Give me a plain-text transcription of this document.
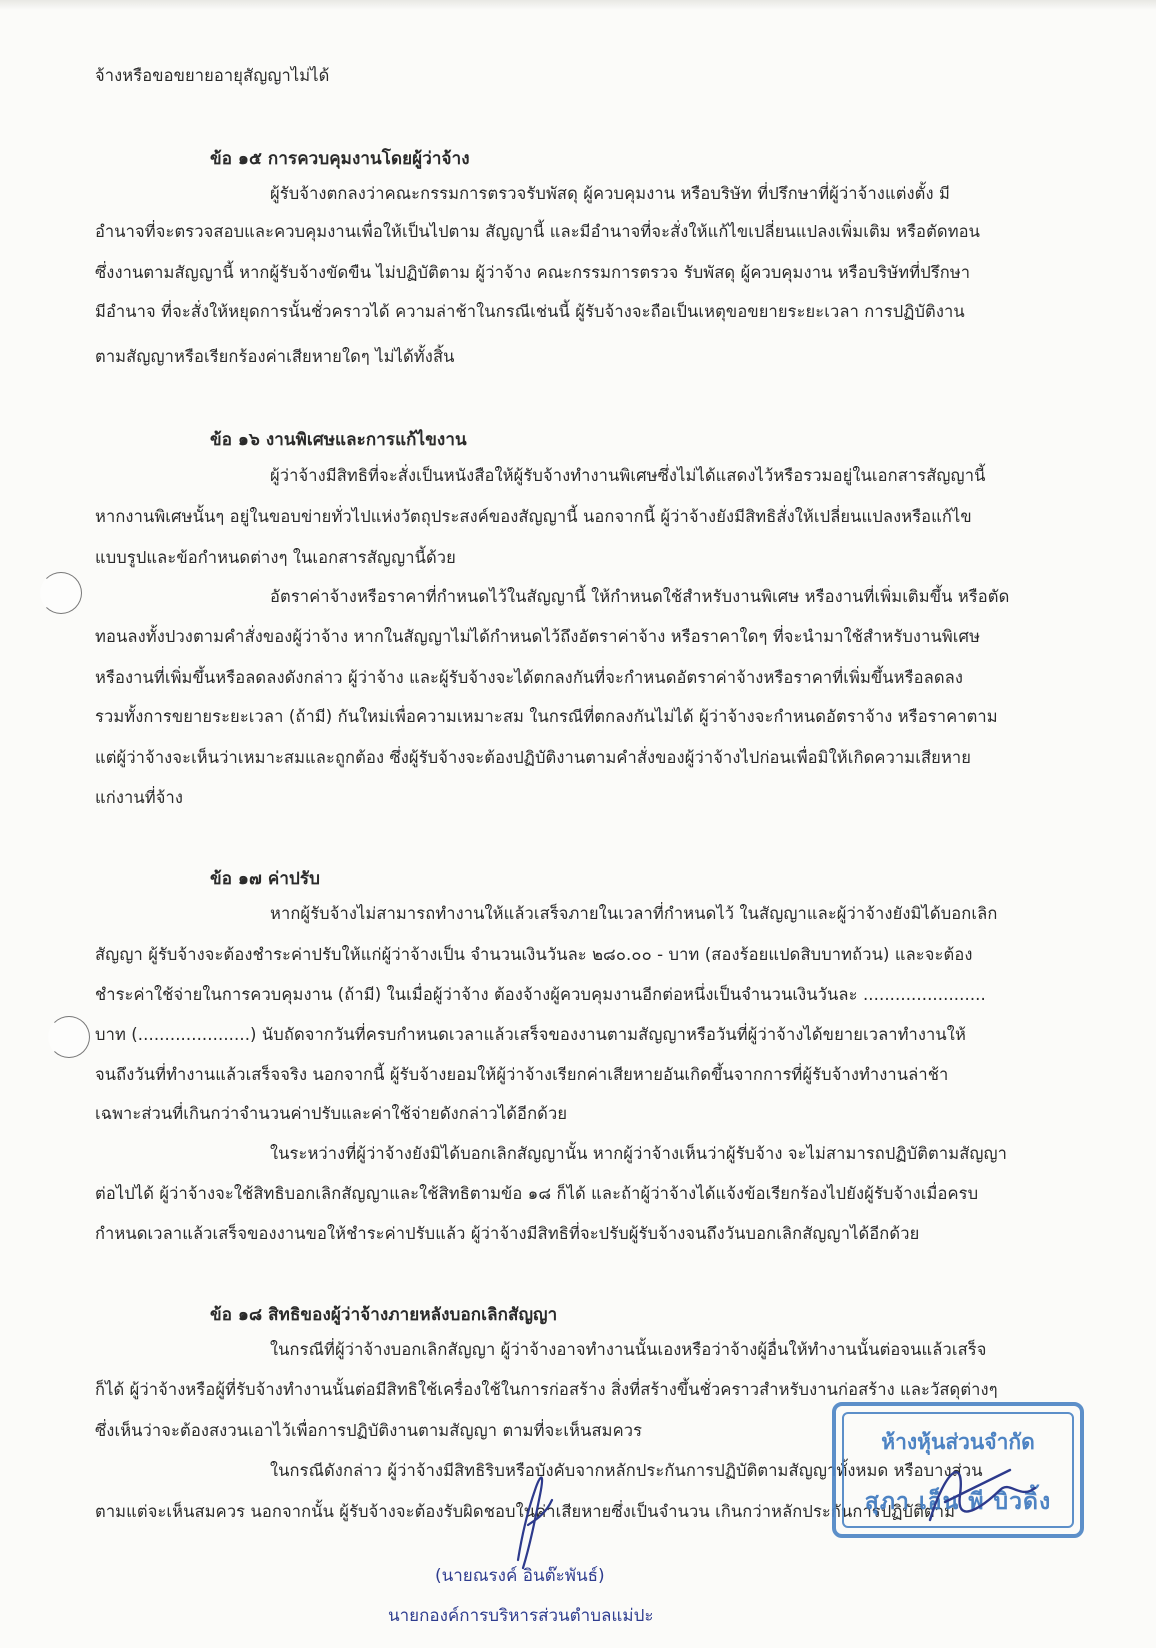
จ้างหรือขอขยายอายุสัญญาไม่ได้
ข้อ ๑๕ การควบคุมงานโดยผู้ว่าจ้าง
ผู้รับจ้างตกลงว่าคณะกรรมการตรวจรับพัสดุ ผู้ควบคุมงาน หรือบริษัท ที่ปรึกษาที่ผู้ว่าจ้างแต่งตั้ง มี
อำนาจที่จะตรวจสอบและควบคุมงานเพื่อให้เป็นไปตาม สัญญานี้ และมีอำนาจที่จะสั่งให้แก้ไขเปลี่ยนแปลงเพิ่มเติม หรือตัดทอน
ซึ่งงานตามสัญญานี้ หากผู้รับจ้างขัดขืน ไม่ปฏิบัติตาม ผู้ว่าจ้าง คณะกรรมการตรวจ รับพัสดุ ผู้ควบคุมงาน หรือบริษัทที่ปรึกษา
มีอำนาจ ที่จะสั่งให้หยุดการนั้นชั่วคราวได้ ความล่าช้าในกรณีเช่นนี้ ผู้รับจ้างจะถือเป็นเหตุขอขยายระยะเวลา การปฏิบัติงาน
ตามสัญญาหรือเรียกร้องค่าเสียหายใดๆ ไม่ได้ทั้งสิ้น
ข้อ ๑๖ งานพิเศษและการแก้ไขงาน
ผู้ว่าจ้างมีสิทธิที่จะสั่งเป็นหนังสือให้ผู้รับจ้างทำงานพิเศษซึ่งไม่ได้แสดงไว้หรือรวมอยู่ในเอกสารสัญญานี้
หากงานพิเศษนั้นๆ อยู่ในขอบข่ายทั่วไปแห่งวัตถุประสงค์ของสัญญานี้ นอกจากนี้ ผู้ว่าจ้างยังมีสิทธิสั่งให้เปลี่ยนแปลงหรือแก้ไข
แบบรูปและข้อกำหนดต่างๆ ในเอกสารสัญญานี้ด้วย
อัตราค่าจ้างหรือราคาที่กำหนดไว้ในสัญญานี้ ให้กำหนดใช้สำหรับงานพิเศษ หรืองานที่เพิ่มเติมขึ้น หรือตัด
ทอนลงทั้งปวงตามคำสั่งของผู้ว่าจ้าง หากในสัญญาไม่ได้กำหนดไว้ถึงอัตราค่าจ้าง หรือราคาใดๆ ที่จะนำมาใช้สำหรับงานพิเศษ
หรืองานที่เพิ่มขึ้นหรือลดลงดังกล่าว ผู้ว่าจ้าง และผู้รับจ้างจะได้ตกลงกันที่จะกำหนดอัตราค่าจ้างหรือราคาที่เพิ่มขึ้นหรือลดลง
รวมทั้งการขยายระยะเวลา (ถ้ามี) กันใหม่เพื่อความเหมาะสม ในกรณีที่ตกลงกันไม่ได้ ผู้ว่าจ้างจะกำหนดอัตราจ้าง หรือราคาตาม
แต่ผู้ว่าจ้างจะเห็นว่าเหมาะสมและถูกต้อง ซึ่งผู้รับจ้างจะต้องปฏิบัติงานตามคำสั่งของผู้ว่าจ้างไปก่อนเพื่อมิให้เกิดความเสียหาย
แก่งานที่จ้าง
ข้อ ๑๗ ค่าปรับ
หากผู้รับจ้างไม่สามารถทำงานให้แล้วเสร็จภายในเวลาที่กำหนดไว้ ในสัญญาและผู้ว่าจ้างยังมิได้บอกเลิก
สัญญา ผู้รับจ้างจะต้องชำระค่าปรับให้แก่ผู้ว่าจ้างเป็น จำนวนเงินวันละ ๒๘๐.๐๐ - บาท (สองร้อยแปดสิบบาทถ้วน) และจะต้อง
ชำระค่าใช้จ่ายในการควบคุมงาน (ถ้ามี) ในเมื่อผู้ว่าจ้าง ต้องจ้างผู้ควบคุมงานอีกต่อหนึ่งเป็นจำนวนเงินวันละ .......................
บาท (.....................) นับถัดจากวันที่ครบกำหนดเวลาแล้วเสร็จของงานตามสัญญาหรือวันที่ผู้ว่าจ้างได้ขยายเวลาทำงานให้
จนถึงวันที่ทำงานแล้วเสร็จจริง นอกจากนี้ ผู้รับจ้างยอมให้ผู้ว่าจ้างเรียกค่าเสียหายอันเกิดขึ้นจากการที่ผู้รับจ้างทำงานล่าช้า
เฉพาะส่วนที่เกินกว่าจำนวนค่าปรับและค่าใช้จ่ายดังกล่าวได้อีกด้วย
ในระหว่างที่ผู้ว่าจ้างยังมิได้บอกเลิกสัญญานั้น หากผู้ว่าจ้างเห็นว่าผู้รับจ้าง จะไม่สามารถปฏิบัติตามสัญญา
ต่อไปได้ ผู้ว่าจ้างจะใช้สิทธิบอกเลิกสัญญาและใช้สิทธิตามข้อ ๑๘ ก็ได้ และถ้าผู้ว่าจ้างได้แจ้งข้อเรียกร้องไปยังผู้รับจ้างเมื่อครบ
กำหนดเวลาแล้วเสร็จของงานขอให้ชำระค่าปรับแล้ว ผู้ว่าจ้างมีสิทธิที่จะปรับผู้รับจ้างจนถึงวันบอกเลิกสัญญาได้อีกด้วย
ข้อ ๑๘ สิทธิของผู้ว่าจ้างภายหลังบอกเลิกสัญญา
ในกรณีที่ผู้ว่าจ้างบอกเลิกสัญญา ผู้ว่าจ้างอาจทำงานนั้นเองหรือว่าจ้างผู้อื่นให้ทำงานนั้นต่อจนแล้วเสร็จ
ก็ได้ ผู้ว่าจ้างหรือผู้ที่รับจ้างทำงานนั้นต่อมีสิทธิใช้เครื่องใช้ในการก่อสร้าง สิ่งที่สร้างขึ้นชั่วคราวสำหรับงานก่อสร้าง และวัสดุต่างๆ
ซึ่งเห็นว่าจะต้องสงวนเอาไว้เพื่อการปฏิบัติงานตามสัญญา ตามที่จะเห็นสมควร
ในกรณีดังกล่าว ผู้ว่าจ้างมีสิทธิริบหรือบังคับจากหลักประกันการปฏิบัติตามสัญญาทั้งหมด หรือบางส่วน
ตามแต่จะเห็นสมควร นอกจากนั้น ผู้รับจ้างจะต้องรับผิดชอบในค่าเสียหายซึ่งเป็นจำนวน เกินกว่าหลักประกันการปฏิบัติตาม
ห้างหุ้นส่วนจำกัด
สุภา เอ็น พี บิวดิ้ง
(นายณรงค์ อินต๊ะพันธ์)
นายกองค์การบริหารส่วนตำบลแม่ปะ
